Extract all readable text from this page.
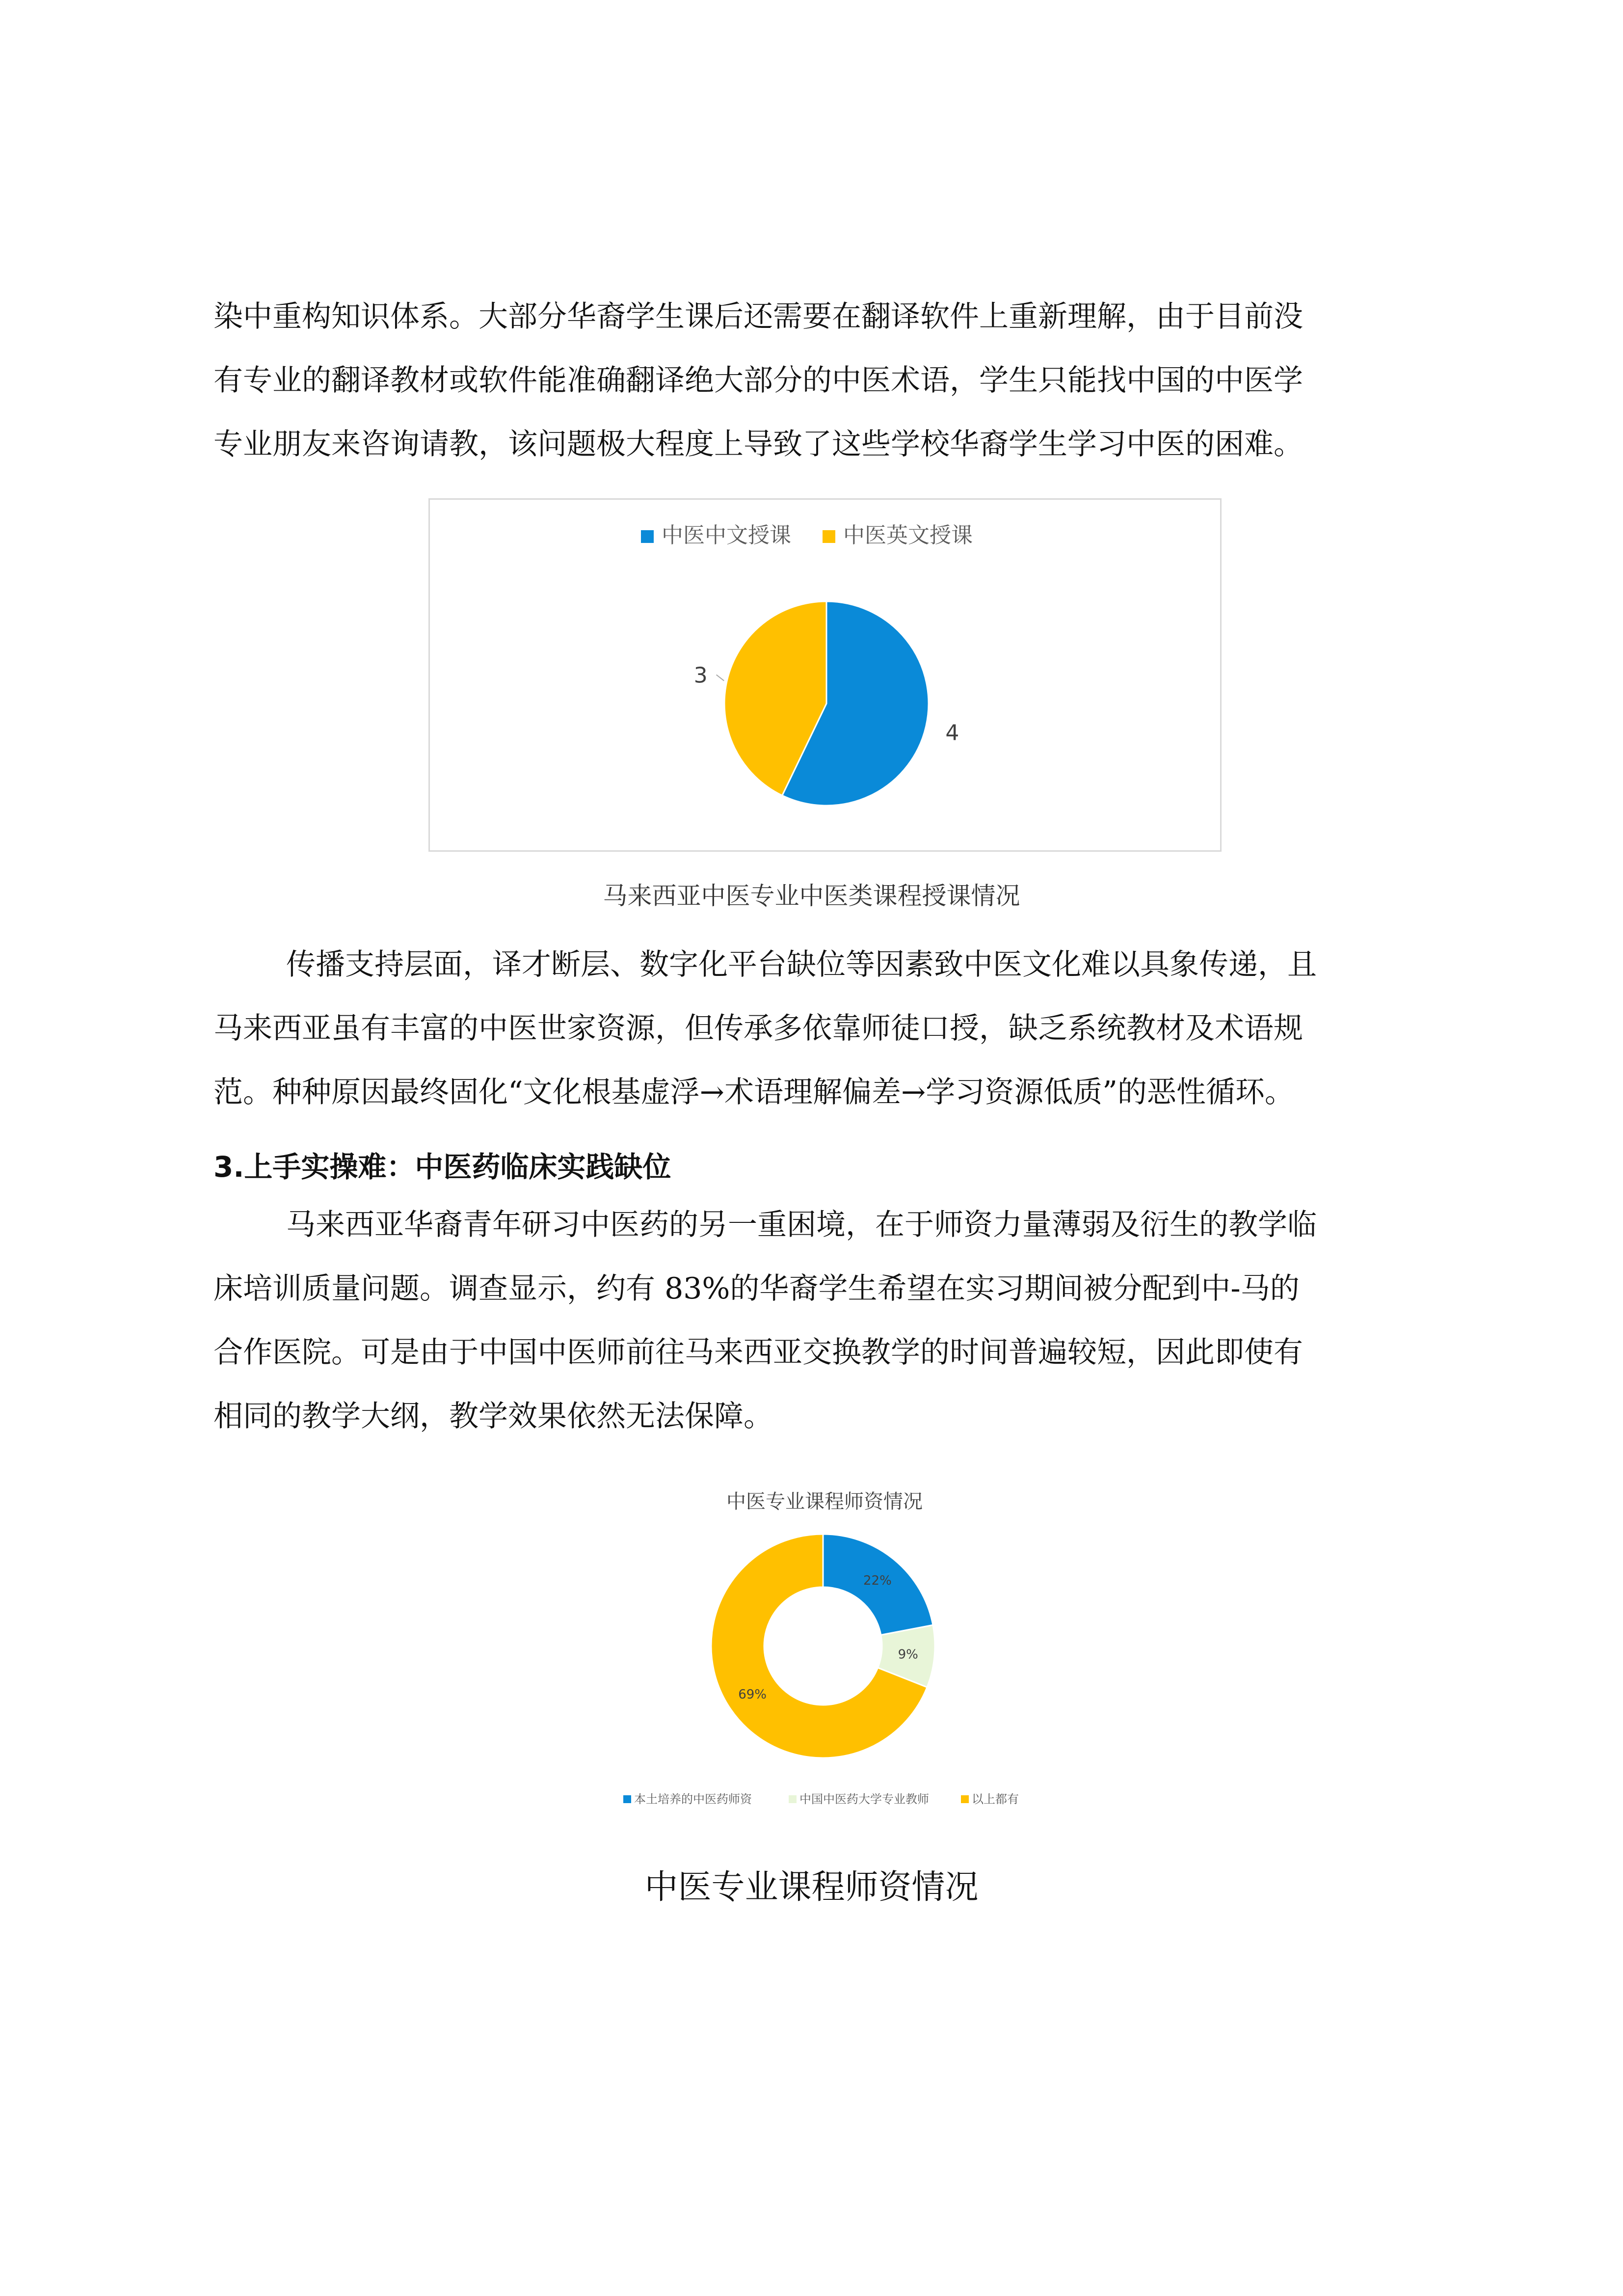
染中重构知识体系。大部分华裔学生课后还需要在翻译软件上重新理解，由于目前没
有专业的翻译教材或软件能准确翻译绝大部分的中医术语，学生只能找中国的中医学
专业朋友来咨询请教，该问题极大程度上导致了这些学校华裔学生学习中医的困难。
中医中文授课 中医英文授课
4
3
马来西亚中医专业中医类课程授课情况
传播支持层面，译才断层、数字化平台缺位等因素致中医文化难以具象传递，且
马来西亚虽有丰富的中医世家资源，但传承多依靠师徒口授，缺乏系统教材及术语规
范。种种原因最终固化“文化根基虚浮→术语理解偏差→学习资源低质”的恶性循环。
3.上手实操难：中医药临床实践缺位
马来西亚华裔青年研习中医药的另一重困境，在于师资力量薄弱及衍生的教学临
床培训质量问题。调查显示，约有 83%的华裔学生希望在实习期间被分配到中-马的
合作医院。可是由于中国中医师前往马来西亚交换教学的时间普遍较短，因此即使有
相同的教学大纲，教学效果依然无法保障。
中医专业课程师资情况
22%
9%
69%
本土培养的中医药师资	中国中医药大学专业教师	以上都有
中医专业课程师资情况
